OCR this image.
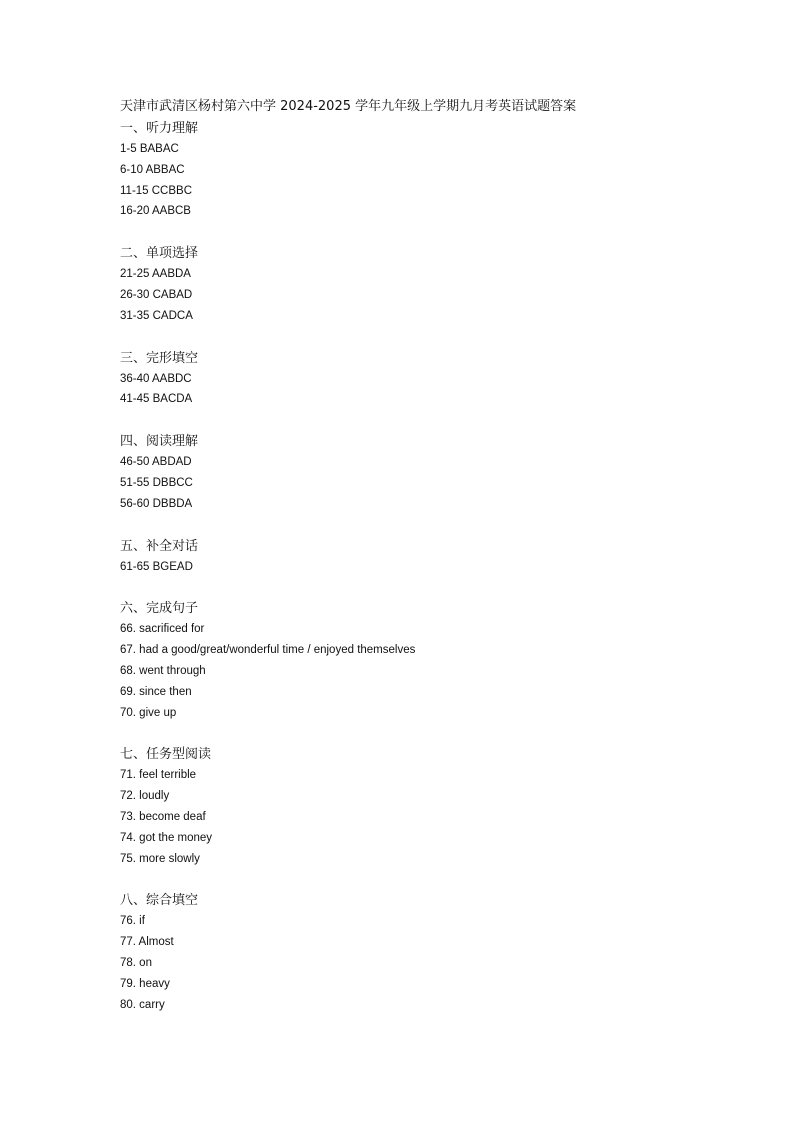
天津市武清区杨村第六中学 2024-2025 学年九年级上学期九月考英语试题答案

一、听力理解

1-5 BABAC

6-10 ABBAC

11-15 CCBBC

16-20 AABCB

二、单项选择

21-25 AABDA

26-30 CABAD

31-35 CADCA

三、完形填空

36-40 AABDC

41-45 BACDA

四、阅读理解

46-50 ABDAD

51-55 DBBCC

56-60 DBBDA

五、补全对话

61-65 BGEAD

六、完成句子

66. sacrificed for

67. had a good/great/wonderful time / enjoyed themselves

68. went through

69. since then

70. give up

七、任务型阅读

71. feel terrible

72. loudly

73. become deaf

74. got the money

75. more slowly

八、综合填空

76. if

77. Almost

78. on

79. heavy

80. carry
